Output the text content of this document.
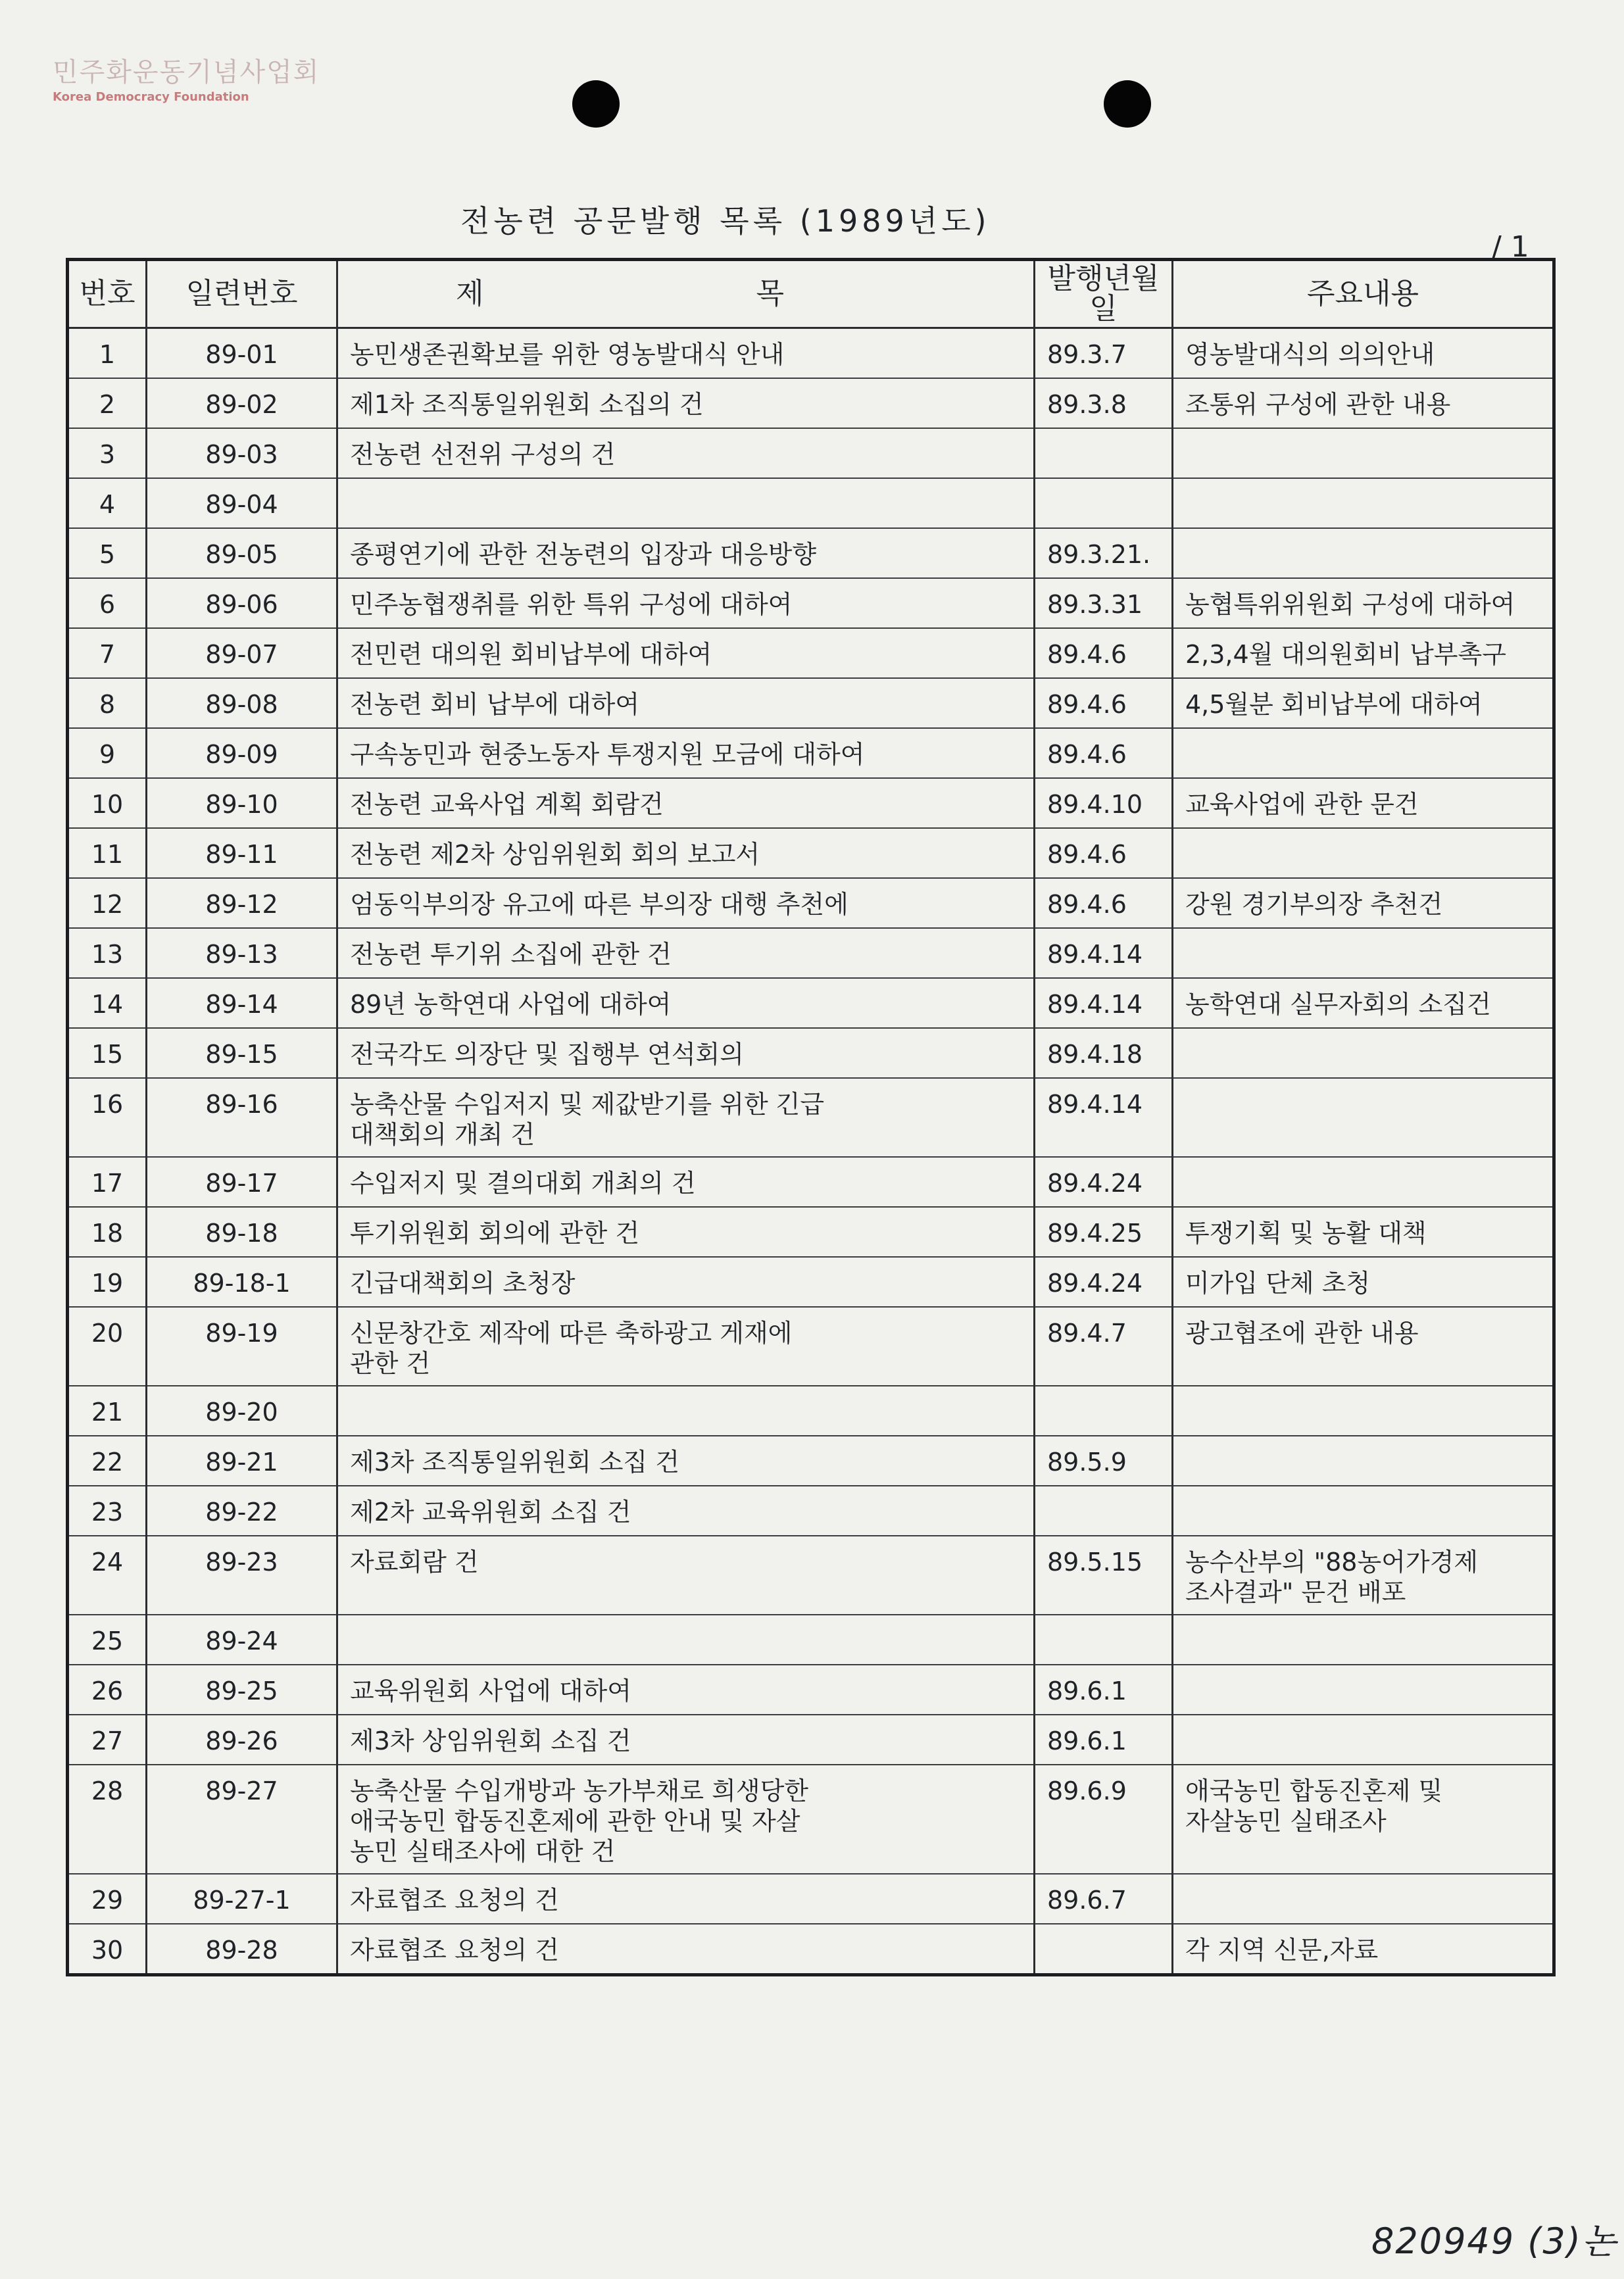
민주화운동기념사업회
Korea Democracy Foundation
전농련 공문발행 목록 (1989년도)
/ 1
번호	일련번호	제 목	발행년월일	주요내용
1	89-01	농민생존권확보를 위한 영농발대식 안내	89.3.7	영농발대식의 의의안내
2	89-02	제1차 조직통일위원회 소집의 건	89.3.8	조통위 구성에 관한 내용
3	89-03	전농련 선전위 구성의 건		
4	89-04			
5	89-05	종평연기에 관한 전농련의 입장과 대응방향	89.3.21.	
6	89-06	민주농협쟁취를 위한 특위 구성에 대하여	89.3.31	농협특위위원회 구성에 대하여
7	89-07	전민련 대의원 회비납부에 대하여	89.4.6	2,3,4월 대의원회비 납부촉구
8	89-08	전농련 회비 납부에 대하여	89.4.6	4,5월분 회비납부에 대하여
9	89-09	구속농민과 현중노동자 투쟁지원 모금에 대하여	89.4.6	
10	89-10	전농련 교육사업 계획 회람건	89.4.10	교육사업에 관한 문건
11	89-11	전농련 제2차 상임위원회 회의 보고서	89.4.6	
12	89-12	엄동익부의장 유고에 따른 부의장 대행 추천에	89.4.6	강원 경기부의장 추천건
13	89-13	전농련 투기위 소집에 관한 건	89.4.14	
14	89-14	89년 농학연대 사업에 대하여	89.4.14	농학연대 실무자회의 소집건
15	89-15	전국각도 의장단 및 집행부 연석회의	89.4.18	
16	89-16	농축산물 수입저지 및 제값받기를 위한 긴급
대책회의 개최 건	89.4.14	
17	89-17	수입저지 및 결의대회 개최의 건	89.4.24	
18	89-18	투기위원회 회의에 관한 건	89.4.25	투쟁기획 및 농활 대책
19	89-18-1	긴급대책회의 초청장	89.4.24	미가입 단체 초청
20	89-19	신문창간호 제작에 따른 축하광고 게재에
관한 건	89.4.7	광고협조에 관한 내용
21	89-20			
22	89-21	제3차 조직통일위원회 소집 건	89.5.9	
23	89-22	제2차 교육위원회 소집 건		
24	89-23	자료회람 건	89.5.15	농수산부의 "88농어가경제
조사결과" 문건 배포
25	89-24			
26	89-25	교육위원회 사업에 대하여	89.6.1	
27	89-26	제3차 상임위원회 소집 건	89.6.1	
28	89-27	농축산물 수입개방과 농가부채로 희생당한
애국농민 합동진혼제에 관한 안내 및 자살
농민 실태조사에 대한 건	89.6.9	애국농민 합동진혼제 및
자살농민 실태조사
29	89-27-1	자료협조 요청의 건	89.6.7	
30	89-28	자료협조 요청의 건		각 지역 신문,자료
820949 (3)논
